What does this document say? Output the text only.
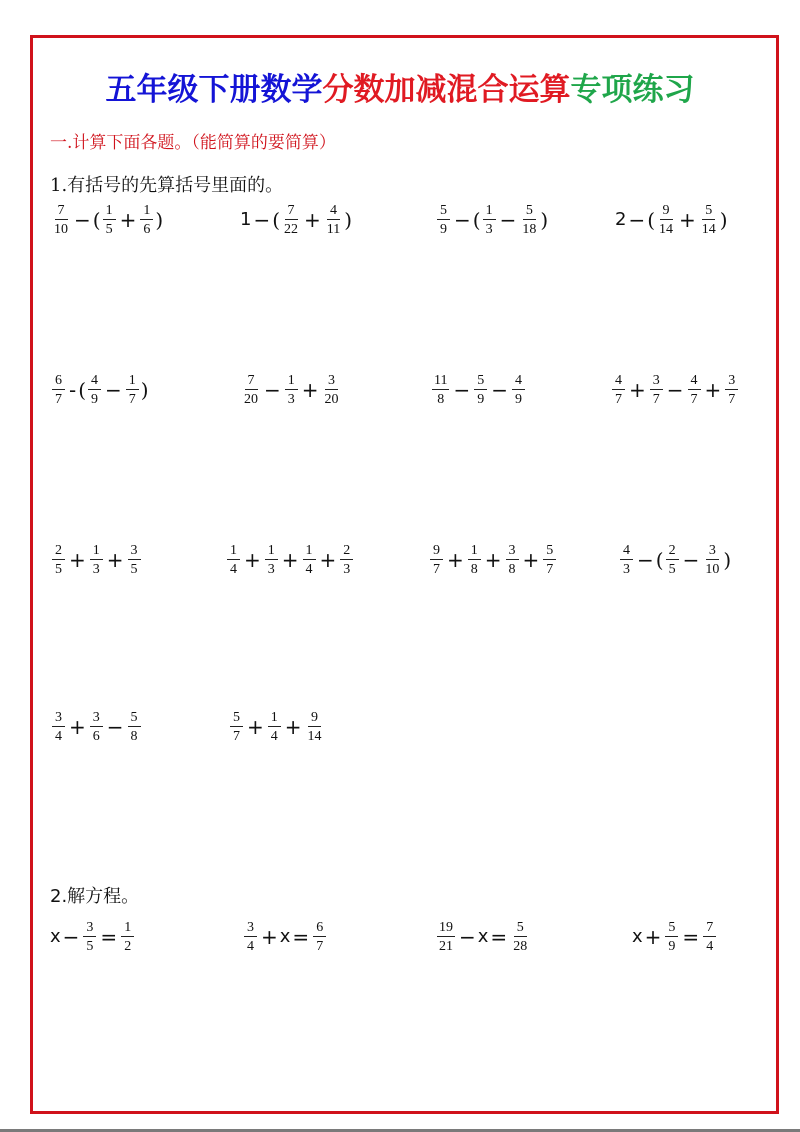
五年级下册数学分数加减混合运算专项练习
一.计算下面各题。（能简算的要简算）
1.有括号的先算括号里面的。
2.解方程。
$\frac{7}{10}$ − ( $\frac{1}{5} + \frac{1}{6}$ )	1 − ( $\frac{7}{22} + \frac{4}{11}$ )	$\frac{5}{9}$ − ( $\frac{1}{3} - \frac{5}{18}$ )	2 − ( $\frac{9}{14} + \frac{5}{14}$ )
$\frac{6}{7}$ - ( $\frac{4}{9} - \frac{1}{7}$ )	$\frac{7}{20} - \frac{1}{3} + \frac{3}{20}$	$\frac{11}{8} - \frac{5}{9} - \frac{4}{9}$	$\frac{4}{7} + \frac{3}{7} - \frac{4}{7} + \frac{3}{7}$
$\frac{2}{5} + \frac{1}{3} + \frac{3}{5}$	$\frac{1}{4} + \frac{1}{3} + \frac{1}{4} + \frac{2}{3}$	$\frac{9}{7} + \frac{1}{8} + \frac{3}{8} + \frac{5}{7}$	$\frac{4}{3}$ − ( $\frac{2}{5} - \frac{3}{10}$ )
$\frac{3}{4} + \frac{3}{6} - \frac{5}{8}$	$\frac{5}{7} + \frac{1}{4} + \frac{9}{14}$
$x - \frac{3}{5} = \frac{1}{2}$	$\frac{3}{4} + x = \frac{6}{7}$	$\frac{19}{21} - x = \frac{5}{28}$	$x + \frac{5}{9} = \frac{7}{4}$
